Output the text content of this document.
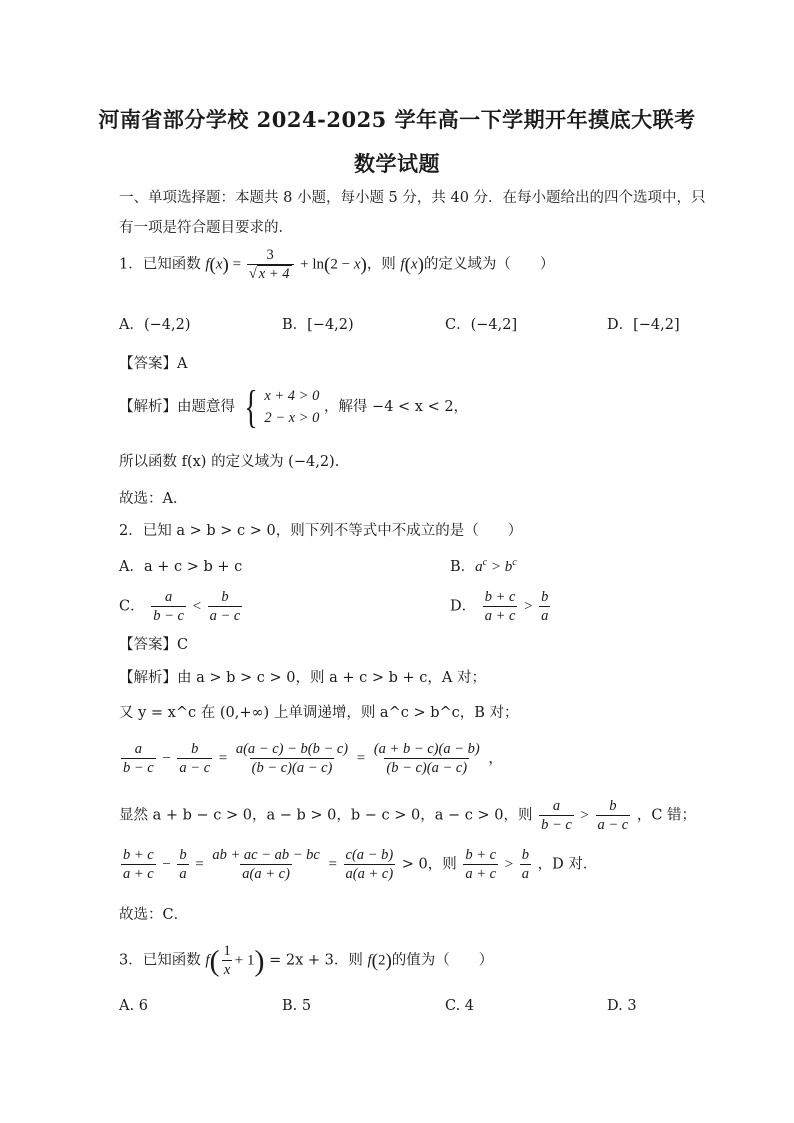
河南省部分学校 2024-2025 学年高一下学期开年摸底大联考
数学试题
一、单项选择题：本题共 8 小题，每小题 5 分，共 40 分．在每小题给出的四个选项中，只
有一项是符合题目要求的．
1．已知函数 $f(x) = \frac{3}{√ x + 4} + \ln(2 - x)$，则 f(x)的定义域为（　　）
A．(−4,2)	B．[−4,2)	C．(−4,2]	D．[−4,2]
【答案】A
【解析】由题意得 { x + 4 > 0
2 − x > 0
，解得 −4 < x < 2，
所以函数 f(x) 的定义域为 (−4,2)．
故选：A．
2．已知 a > b > c > 0，则下列不等式中不成立的是（　　）
A．a + c > b + c	B．$a^c > b^c$
C． $\frac{a}{b - c} < \frac{b}{a - c}$	D． $\frac{b + c}{a + c} > \frac{b}{a}$
【答案】C
【解析】由 a > b > c > 0，则 a + c > b + c，A 对；
又 y = x^c 在 (0,+∞) 上单调递增，则 a^c > b^c，B 对；
$\frac{a}{b - c} - \frac{b}{a - c} = \frac{a(a - c) - b(b - c)}{(b - c)(a - c)} = \frac{(a + b - c)(a - b)}{(b - c)(a - c)}$ ，
显然 a + b − c > 0，a − b > 0，b − c > 0，a − c > 0，则 $\frac{a}{b - c} > \frac{b}{a - c}$ ，C 错；
$\frac{b + c}{a + c} - \frac{b}{a} = \frac{ab + ac - ab - bc}{a(a + c)} = \frac{c(a - b)}{a(a + c)} > 0$，则 $\frac{b + c}{a + c} > \frac{b}{a}$ ，D 对．
故选：C．
3．已知函数 $f( \frac{1}{x} + 1) = 2x + 3$．则 f(2)的值为（　　）
A. 6	B. 5	C. 4	D. 3
